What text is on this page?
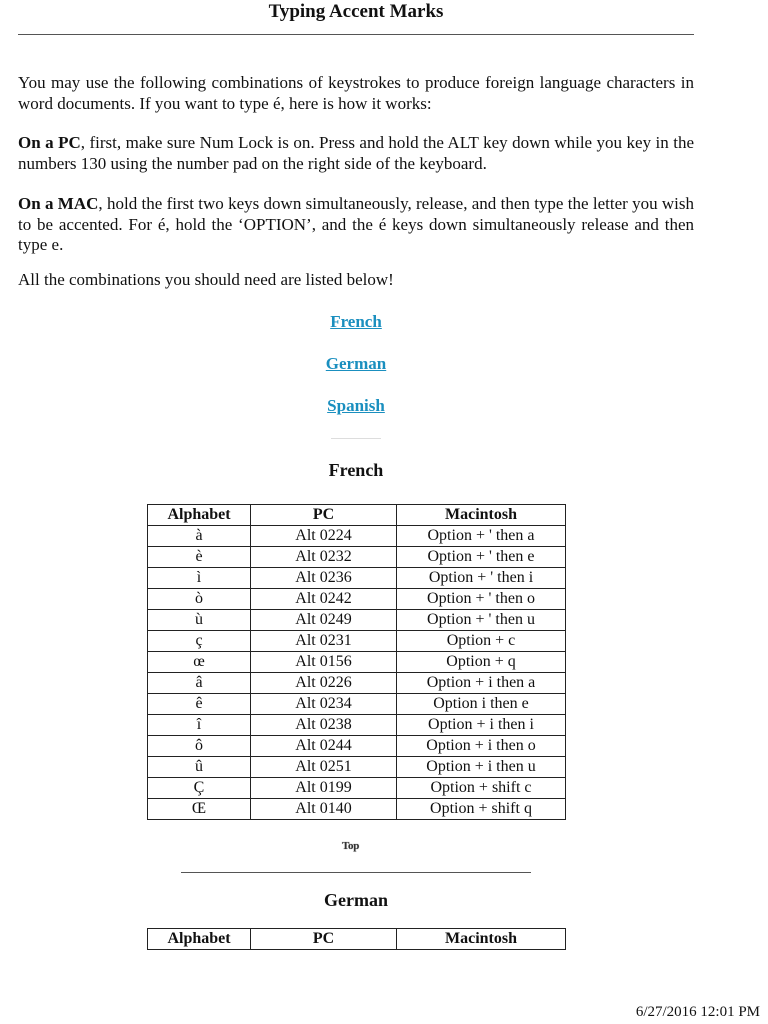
Typing Accent Marks

You may use the following combinations of keystrokes to produce foreign language characters in word documents. If you want to type é, here is how it works:

On a PC, first, make sure Num Lock is on. Press and hold the ALT key down while you key in the numbers 130 using the number pad on the right side of the keyboard.

On a MAC, hold the first two keys down simultaneously, release, and then type the letter you wish to be accented. For é, hold the ‘OPTION’, and the é keys down simultaneously release and then type e.

All the combinations you should need are listed below!

French
German
Spanish
French
Alphabet	PC	Macintosh
à	Alt 0224	Option + ' then a
è	Alt 0232	Option + ' then e
ì	Alt 0236	Option + ' then i
ò	Alt 0242	Option + ' then o
ù	Alt 0249	Option + ' then u
ç	Alt 0231	Option + c
œ	Alt 0156	Option + q
â	Alt 0226	Option + i then a
ê	Alt 0234	Option i then e
î	Alt 0238	Option + i then i
ô	Alt 0244	Option + i then o
û	Alt 0251	Option + i then u
Ç	Alt 0199	Option + shift c
Œ	Alt 0140	Option + shift q
Top
German
Alphabet	PC	Macintosh
6/27/2016 12:01 PM
